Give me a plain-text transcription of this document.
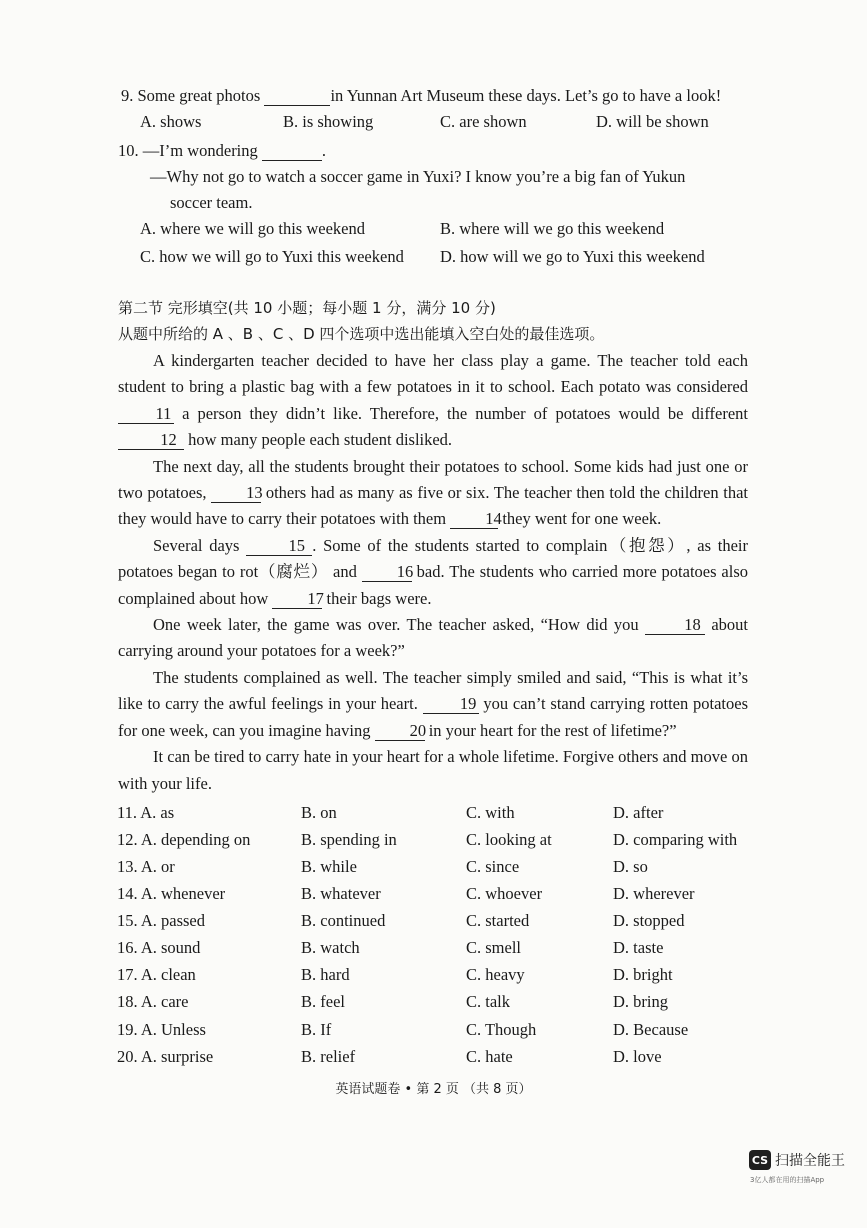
9. Some great photos	in Yunnan Art Museum these days. Let’s go to have a look!
A. shows	B. is showing	C. are shown	D. will be shown
10. —I’m wondering	.
—Why not go to watch a soccer game in Yuxi? I know you’re a big fan of Yukun
soccer team.
A. where we will go this weekend	B. where will we go this weekend
C. how we will go to Yuxi this weekend D. how will we go to Yuxi this weekend
第二节 完形填空(共 10 小题；每小题 1 分，满分 10 分)
从题中所给的 A 、B 、C 、D 四个选项中选出能填入空白处的最佳选项。

A kindergarten teacher decided to have her class play a game. The teacher told each student to bring a plastic bag with a few potatoes in it to school. Each potato was considered 11 a person they didn’t like. Therefore, the number of potatoes would be different 12 how many people each student disliked.

The next day, all the students brought their potatoes to school. Some kids had just one or two potatoes, 13 others had as many as five or six. The teacher then told the children that they would have to carry their potatoes with them 14 they went for one week.

Several days	15 . Some of the students started to complain（抱怨）, as their potatoes began to rot（腐烂） and 16 bad. The students who carried more potatoes also complained about how 17 their bags were.

One week later, the game was over. The teacher asked, “How did you	18 about carrying around your potatoes for a week?”

The students complained as well. The teacher simply smiled and said, “This is what it’s like to carry the awful feelings in your heart.	19 you can’t stand carrying rotten potatoes for one week, can you imagine having 20 in your heart for the rest of lifetime?”

It can be tired to carry hate in your heart for a whole lifetime. Forgive others and move on with your life.

11. A. as	B. on	C. with	D. after
12. A. depending on	B. spending in	C. looking at	D. comparing with
13. A. or	B. while	C. since	D. so
14. A. whenever	B. whatever	C. whoever	D. wherever
15. A. passed	B. continued	C. started	D. stopped
16. A. sound	B. watch	C. smell	D. taste
17. A. clean	B. hard	C. heavy	D. bright
18. A. care	B. feel	C. talk	D. bring
19. A. Unless	B. If	C. Though	D. Because
20. A. surprise	B. relief	C. hate	D. love
英语试题卷 • 第 2 页 （共 8 页）
CS 扫描全能王
3亿人都在用的扫描App
